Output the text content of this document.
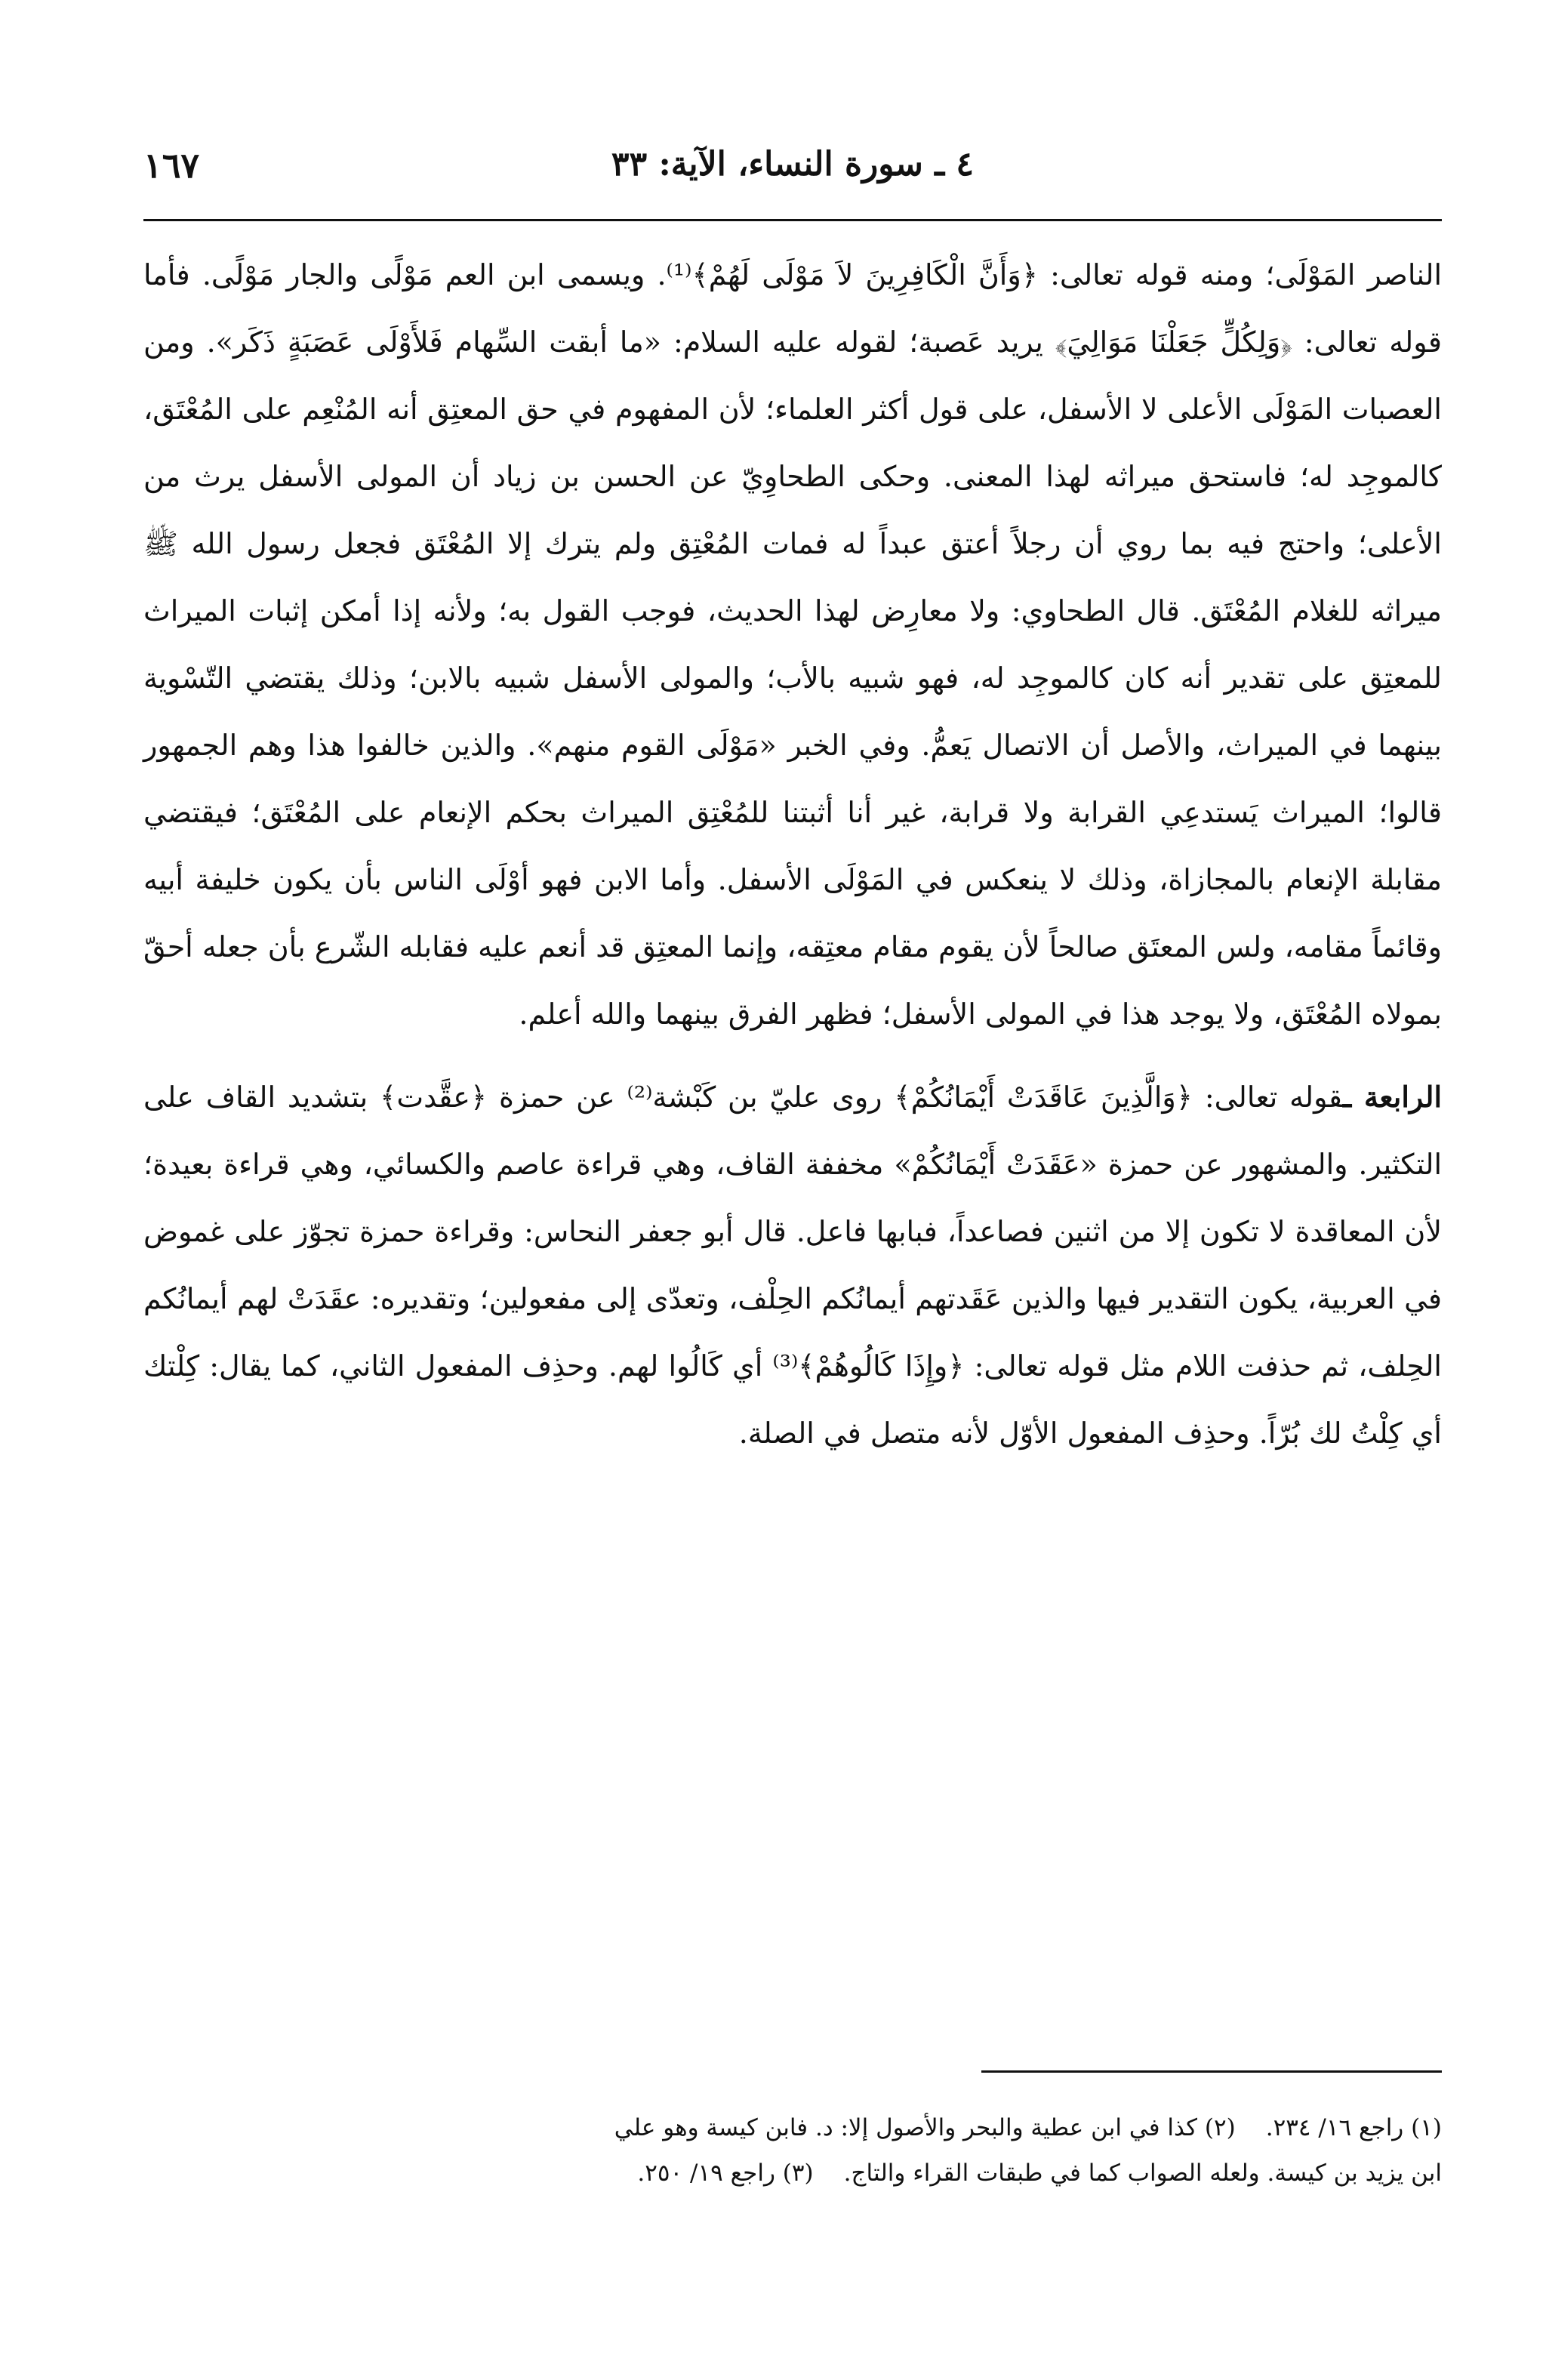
٤ ـ سورة النساء، الآية: ٣٣
١٦٧

الناصر المَوْلَى؛ ومنه قوله تعالى: ﴿وَأَنَّ الْكَافِرِينَ لاَ مَوْلَى لَهُمْ﴾⁽¹⁾. ويسمى ابن العم مَوْلًى والجار مَوْلًى. فأما قوله تعالى: ﴿وَلِكُلٍّ جَعَلْنَا مَوَالِيَ﴾ يريد عَصبة؛ لقوله عليه السلام: «ما أبقت السِّهام فَلأَوْلَى عَصَبَةٍ ذَكَر». ومن العصبات المَوْلَى الأعلى لا الأسفل، على قول أكثر العلماء؛ لأن المفهوم في حق المعتِق أنه المُنْعِم على المُعْتَق، كالموجِد له؛ فاستحق ميراثه لهذا المعنى. وحكى الطحاوِيّ عن الحسن بن زياد أن المولى الأسفل يرث من الأعلى؛ واحتج فيه بما روي أن رجلاً أعتق عبداً له فمات المُعْتِق ولم يترك إلا المُعْتَق فجعل رسول الله ﷺ ميراثه للغلام المُعْتَق. قال الطحاوي: ولا معارِض لهذا الحديث، فوجب القول به؛ ولأنه إذا أمكن إثبات الميراث للمعتِق على تقدير أنه كان كالموجِد له، فهو شبيه بالأب؛ والمولى الأسفل شبيه بالابن؛ وذلك يقتضي التّسْوية بينهما في الميراث، والأصل أن الاتصال يَعمُّ. وفي الخبر «مَوْلَى القوم منهم». والذين خالفوا هذا وهم الجمهور قالوا؛ الميراث يَستدعِي القرابة ولا قرابة، غير أنا أثبتنا للمُعْتِق الميراث بحكم الإنعام على المُعْتَق؛ فيقتضي مقابلة الإنعام بالمجازاة، وذلك لا ينعكس في المَوْلَى الأسفل. وأما الابن فهو أوْلَى الناس بأن يكون خليفة أبيه وقائماً مقامه، ولس المعتَق صالحاً لأن يقوم مقام معتِقه، وإنما المعتِق قد أنعم عليه فقابله الشّرع بأن جعله أحقّ بمولاه المُعْتَق، ولا يوجد هذا في المولى الأسفل؛ فظهر الفرق بينهما والله أعلم.

الرابعة ـقوله تعالى: ﴿وَالَّذِينَ عَاقَدَتْ أَيْمَانُكُمْ﴾ روى عليّ بن كَبْشة⁽²⁾ عن حمزة ﴿عقَّدت﴾ بتشديد القاف على التكثير. والمشهور عن حمزة «عَقَدَتْ أَيْمَانُكُمْ» مخففة القاف، وهي قراءة عاصم والكسائي، وهي قراءة بعيدة؛ لأن المعاقدة لا تكون إلا من اثنين فصاعداً، فبابها فاعل. قال أبو جعفر النحاس: وقراءة حمزة تجوّز على غموض في العربية، يكون التقدير فيها والذين عَقَدتهم أيمانُكم الحِلْف، وتعدّى إلى مفعولين؛ وتقديره: عقَدَتْ لهم أيمانُكم الحِلف، ثم حذفت اللام مثل قوله تعالى: ﴿وإِذَا كَالُوهُمْ﴾⁽³⁾ أي كَالُوا لهم. وحذِف المفعول الثاني، كما يقال: كِلْتك أي كِلْتُ لك بُرّاً. وحذِف المفعول الأوّل لأنه متصل في الصلة.

(١) راجع ١٦/ ٢٣٤.(٢) كذا في ابن عطية والبحر والأصول إلا: د. فابن كيسة وهو علي

ابن يزيد بن كيسة. ولعله الصواب كما في طبقات القراء والتاج.(٣) راجع ١٩/ ٢٥٠.
